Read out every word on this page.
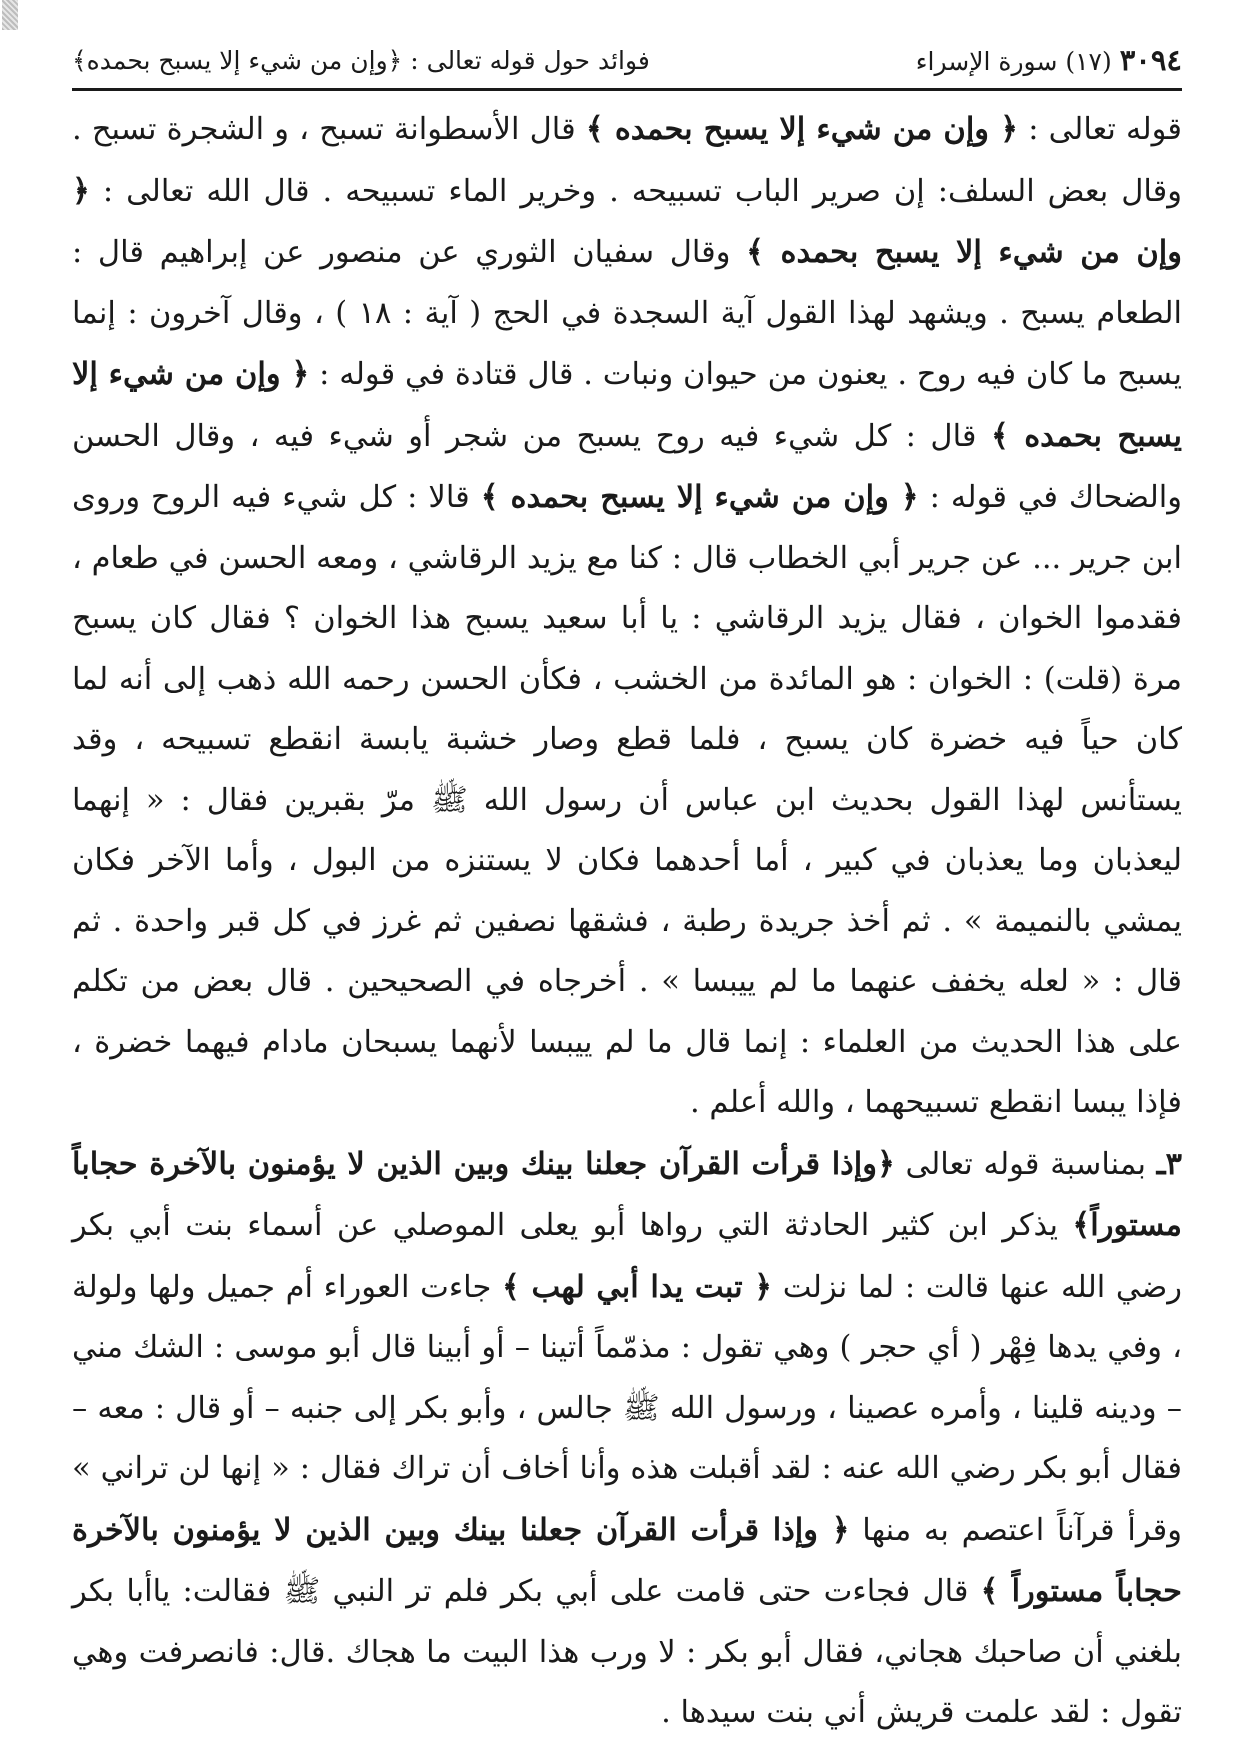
٣٠٩٤ (١٧) سورة الإسراء
فوائد حول قوله تعالى : ﴿وإن من شيء إلا يسبح بحمده﴾

قوله تعالى : ﴿ وإن من شيء إلا يسبح بحمده ﴾ قال الأسطوانة تسبح ، و الشجرة تسبح . وقال بعض السلف: إن صرير الباب تسبيحه . وخرير الماء تسبيحه . قال الله تعالى : ﴿ وإن من شيء إلا يسبح بحمده ﴾ وقال سفيان الثوري عن منصور عن إبراهيم قال : الطعام يسبح . ويشهد لهذا القول آية السجدة في الحج ( آية : ١٨ ) ، وقال آخرون : إنما يسبح ما كان فيه روح . يعنون من حيوان ونبات . قال قتادة في قوله : ﴿ وإن من شيء إلا يسبح بحمده ﴾ قال : كل شيء فيه روح يسبح من شجر أو شيء فيه ، وقال الحسن والضحاك في قوله : ﴿ وإن من شيء إلا يسبح بحمده ﴾ قالا : كل شيء فيه الروح وروى ابن جرير ... عن جرير أبي الخطاب قال : كنا مع يزيد الرقاشي ، ومعه الحسن في طعام ، فقدموا الخوان ، فقال يزيد الرقاشي : يا أبا سعيد يسبح هذا الخوان ؟ فقال كان يسبح مرة (قلت) : الخوان : هو المائدة من الخشب ، فكأن الحسن رحمه الله ذهب إلى أنه لما كان حياً فيه خضرة كان يسبح ، فلما قطع وصار خشبة يابسة انقطع تسبيحه ، وقد يستأنس لهذا القول بحديث ابن عباس أن رسول الله ﷺ مرّ بقبرين فقال : « إنهما ليعذبان وما يعذبان في كبير ، أما أحدهما فكان لا يستنزه من البول ، وأما الآخر فكان يمشي بالنميمة » . ثم أخذ جريدة رطبة ، فشقها نصفين ثم غرز في كل قبر واحدة . ثم قال : « لعله يخفف عنهما ما لم ييبسا » . أخرجاه في الصحيحين . قال بعض من تكلم على هذا الحديث من العلماء : إنما قال ما لم ييبسا لأنهما يسبحان مادام فيهما خضرة ، فإذا يبسا انقطع تسبيحهما ، والله أعلم .

٣ـ بمناسبة قوله تعالى ﴿وإذا قرأت القرآن جعلنا بينك وبين الذين لا يؤمنون بالآخرة حجاباً مستوراً﴾ يذكر ابن كثير الحادثة التي رواها أبو يعلى الموصلي عن أسماء بنت أبي بكر رضي الله عنها قالت : لما نزلت ﴿ تبت يدا أبي لهب ﴾ جاءت العوراء أم جميل ولها ولولة ، وفي يدها فِهْر ( أي حجر ) وهي تقول : مذمّماً أتينا – أو أبينا قال أبو موسى : الشك مني – ودينه قلينا ، وأمره عصينا ، ورسول الله ﷺ جالس ، وأبو بكر إلى جنبه – أو قال : معه – فقال أبو بكر رضي الله عنه : لقد أقبلت هذه وأنا أخاف أن تراك فقال : « إنها لن تراني » وقرأ قرآناً اعتصم به منها ﴿ وإذا قرأت القرآن جعلنا بينك وبين الذين لا يؤمنون بالآخرة حجاباً مستوراً ﴾ قال فجاءت حتى قامت على أبي بكر فلم تر النبي ﷺ فقالت: ياأبا بكر بلغني أن صاحبك هجاني، فقال أبو بكر : لا ورب هذا البيت ما هجاك .قال: فانصرفت وهي تقول : لقد علمت قريش أني بنت سيدها .
